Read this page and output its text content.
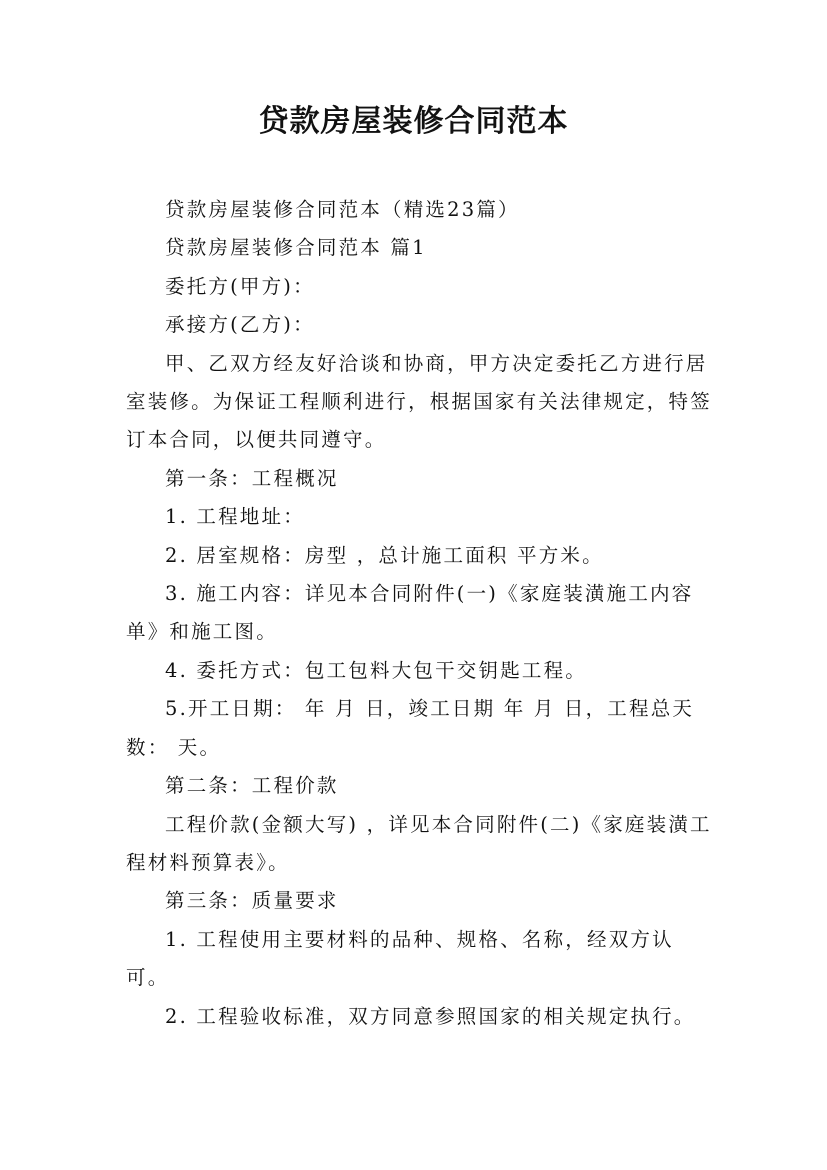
贷款房屋装修合同范本

贷款房屋装修合同范本（精选23篇）

贷款房屋装修合同范本 篇1

委托方(甲方)：

承接方(乙方)：

甲、乙双方经友好洽谈和协商，甲方决定委托乙方进行居室装修。为保证工程顺利进行，根据国家有关法律规定，特签订本合同，以便共同遵守。

第一条：工程概况

1. 工程地址：

2. 居室规格：房型 ，总计施工面积 平方米。

3. 施工内容：详见本合同附件(一)《家庭装潢施工内容单》和施工图。

4. 委托方式：包工包料大包干交钥匙工程。

5.开工日期： 年 月 日，竣工日期 年 月 日，工程总天数： 天。

第二条：工程价款

工程价款(金额大写) ，详见本合同附件(二)《家庭装潢工程材料预算表》。

第三条：质量要求

1. 工程使用主要材料的品种、规格、名称，经双方认可。

2. 工程验收标准，双方同意参照国家的相关规定执行。
